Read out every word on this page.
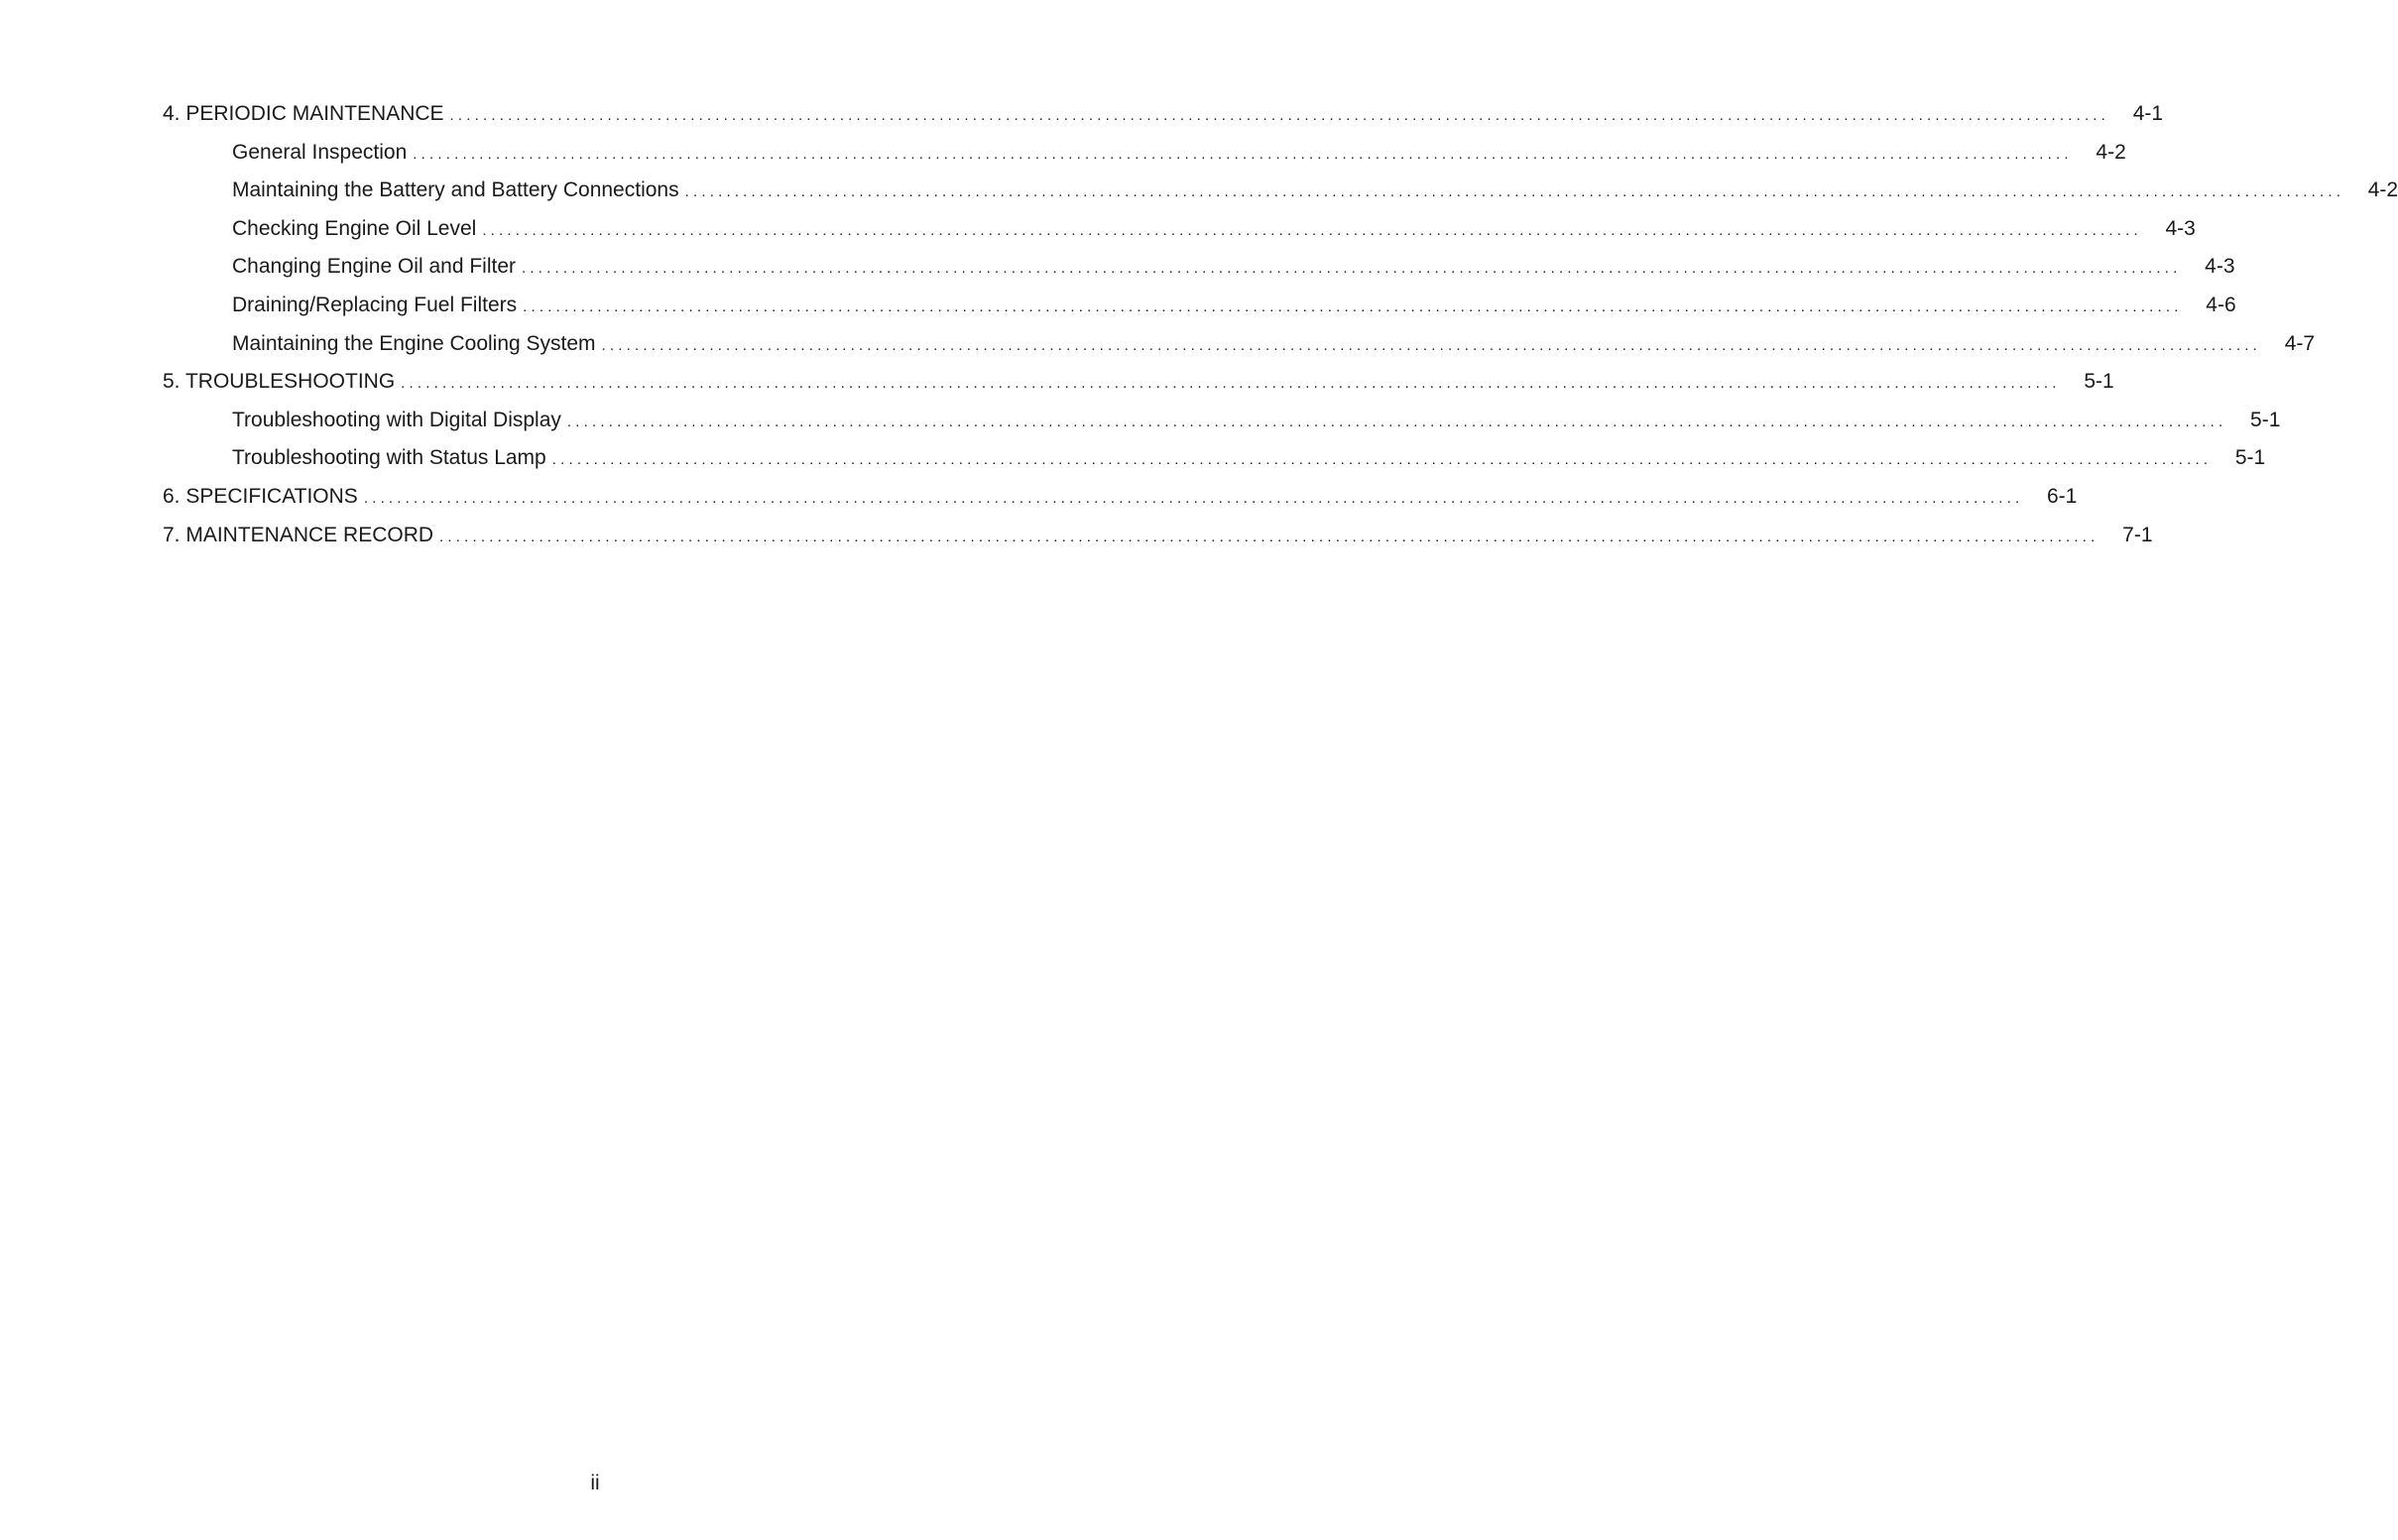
4. PERIODIC MAINTENANCE ........................................................................................................................................................................................................	4-1
General Inspection ........................................................................................................................................................................................................	4-2
Maintaining the Battery and Battery Connections ........................................................................................................................................................................................................	4-2
Checking Engine Oil Level ........................................................................................................................................................................................................	4-3
Changing Engine Oil and Filter ........................................................................................................................................................................................................	4-3
Draining/Replacing Fuel Filters ........................................................................................................................................................................................................	4-6
Maintaining the Engine Cooling System ........................................................................................................................................................................................................	4-7
5. TROUBLESHOOTING ........................................................................................................................................................................................................	5-1
Troubleshooting with Digital Display ........................................................................................................................................................................................................	5-1
Troubleshooting with Status Lamp ........................................................................................................................................................................................................	5-1
6. SPECIFICATIONS ........................................................................................................................................................................................................	6-1
7. MAINTENANCE RECORD ........................................................................................................................................................................................................	7-1
ii
